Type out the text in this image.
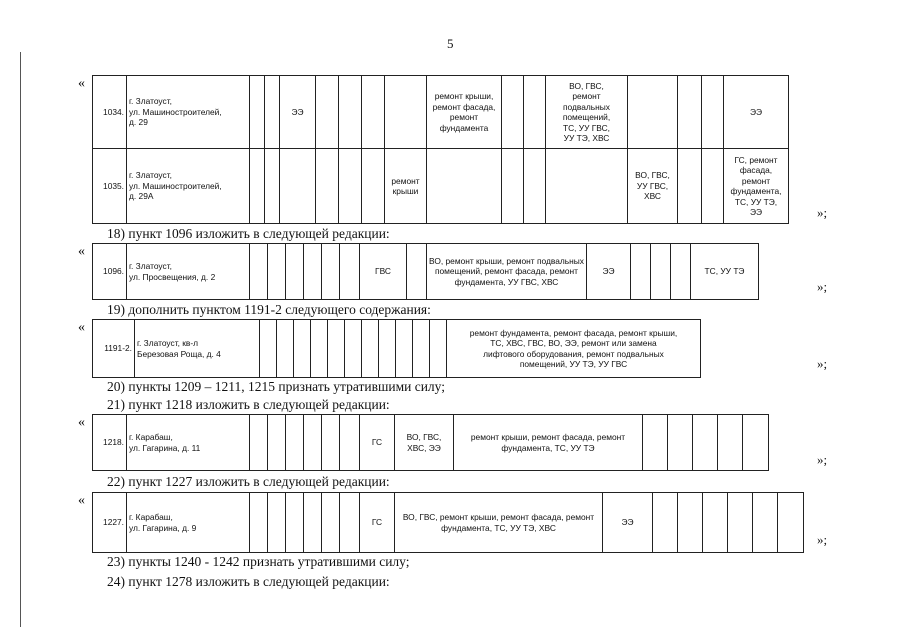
5
«
1034.	г. Златоуст,
ул. Машиностроителей,
д. 29			ЭЭ					ремонт крыши, ремонт фасада, ремонт фундамента			ВО, ГВС,
ремонт подвальных помещений,
ТС, УУ ГВС,
УУ ТЭ, ХВС				ЭЭ
1035.	г. Златоуст,
ул. Машиностроителей,
д. 29А							ремонт крыши					ВО, ГВС,
УУ ГВС,
ХВС			ГС, ремонт фасада,
ремонт фундамента,
ТС, УУ ТЭ,
ЭЭ	»;
18) пункт 1096 изложить в следующей редакции:
«
1096.	г. Златоуст,
ул. Просвещения, д. 2							ГВС		ВО, ремонт крыши, ремонт подвальных помещений, ремонт фасада, ремонт фундамента, УУ ГВС, ХВС	ЭЭ				ТС, УУ ТЭ
»;
19) дополнить пунктом 1191-2 следующего содержания:
«
1191-2.	г. Златоуст, кв-л
Березовая Роща, д. 4												ремонт фундамента, ремонт фасада, ремонт крыши,
ТС, ХВС, ГВС, ВО, ЭЭ, ремонт или замена
лифтового оборудования, ремонт подвальных
помещений, УУ ТЭ, УУ ГВС	»;
20) пункты 1209 – 1211, 1215 признать утратившими силу;
21) пункт 1218 изложить в следующей редакции:
«
1218.	г. Карабаш,
ул. Гагарина, д. 11							ГС	ВО, ГВС,
ХВС, ЭЭ	ремонт крыши, ремонт фасада, ремонт фундамента, ТС, УУ ТЭ					
»;
22) пункт 1227 изложить в следующей редакции:
«
1227.	г. Карабаш,
ул. Гагарина, д. 9							ГС	ВО, ГВС, ремонт крыши, ремонт фасада, ремонт фундамента, ТС, УУ ТЭ, ХВС	ЭЭ						
»;
23) пункты 1240 - 1242 признать утратившими силу;
24) пункт 1278 изложить в следующей редакции:
